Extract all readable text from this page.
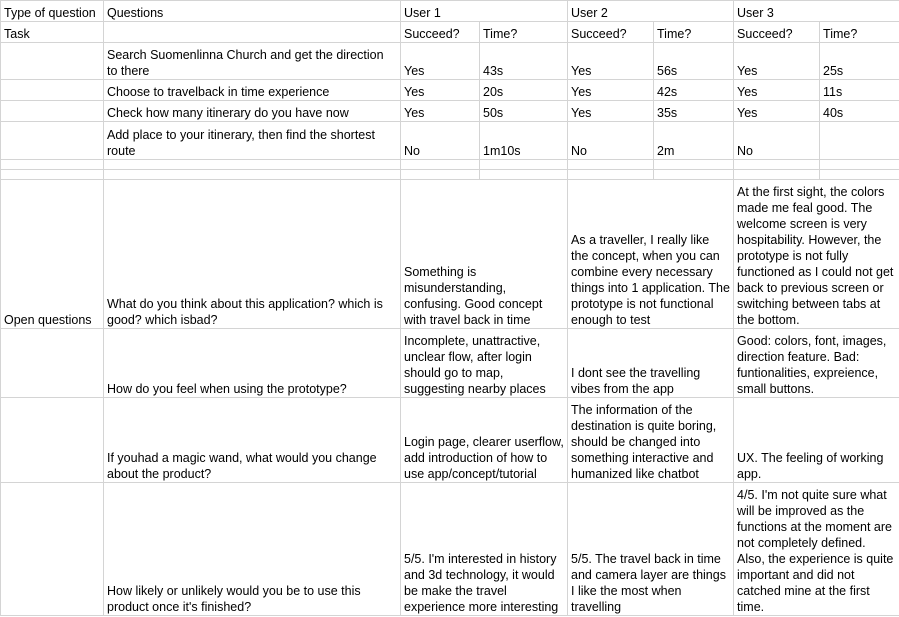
Type of question	Questions	User 1		User 2		User 3	
Task		Succeed?	Time?	Succeed?	Time?	Succeed?	Time?
	Search Suomenlinna Church and get the direction to there	Yes	43s	Yes	56s	Yes	25s
	Choose to travelback in time experience	Yes	20s	Yes	42s	Yes	11s
	Check how many itinerary do you have now	Yes	50s	Yes	35s	Yes	40s
	Add place to your itinerary, then find the shortest route	No	1m10s	No	2m	No	

Open questions	What do you think about this application? which is good? which isbad?	Something is misunderstanding, confusing. Good concept with travel back in time		As a traveller, I really like the concept, when you can combine every necessary things into 1 application. The prototype is not functional enough to test		At the first sight, the colors made me feal good. The welcome screen is very hospitability. However, the prototype is not fully functioned as I could not get back to previous screen or switching between tabs at the bottom.	
	How do you feel when using the prototype?	Incomplete, unattractive, unclear flow, after login should go to map, suggesting nearby places		I dont see the travelling vibes from the app		Good: colors, font, images, direction feature. Bad: funtionalities, expreience, small buttons.	
	If youhad a magic wand, what would you change about the product?	Login page, clearer userflow, add introduction of how to use app/concept/tutorial		The information of the destination is quite boring, should be changed into something interactive and humanized like chatbot		UX. The feeling of working app.	
	How likely or unlikely would you be to use this product once it's finished?	5/5. I'm interested in history and 3d technology, it would be make the travel experience more interesting		5/5. The travel back in time and camera layer are things I like the most when travelling		4/5. I'm not quite sure what will be improved as the functions at the moment are not completely defined. Also, the experience is quite important and did not catched mine at the first time.	
